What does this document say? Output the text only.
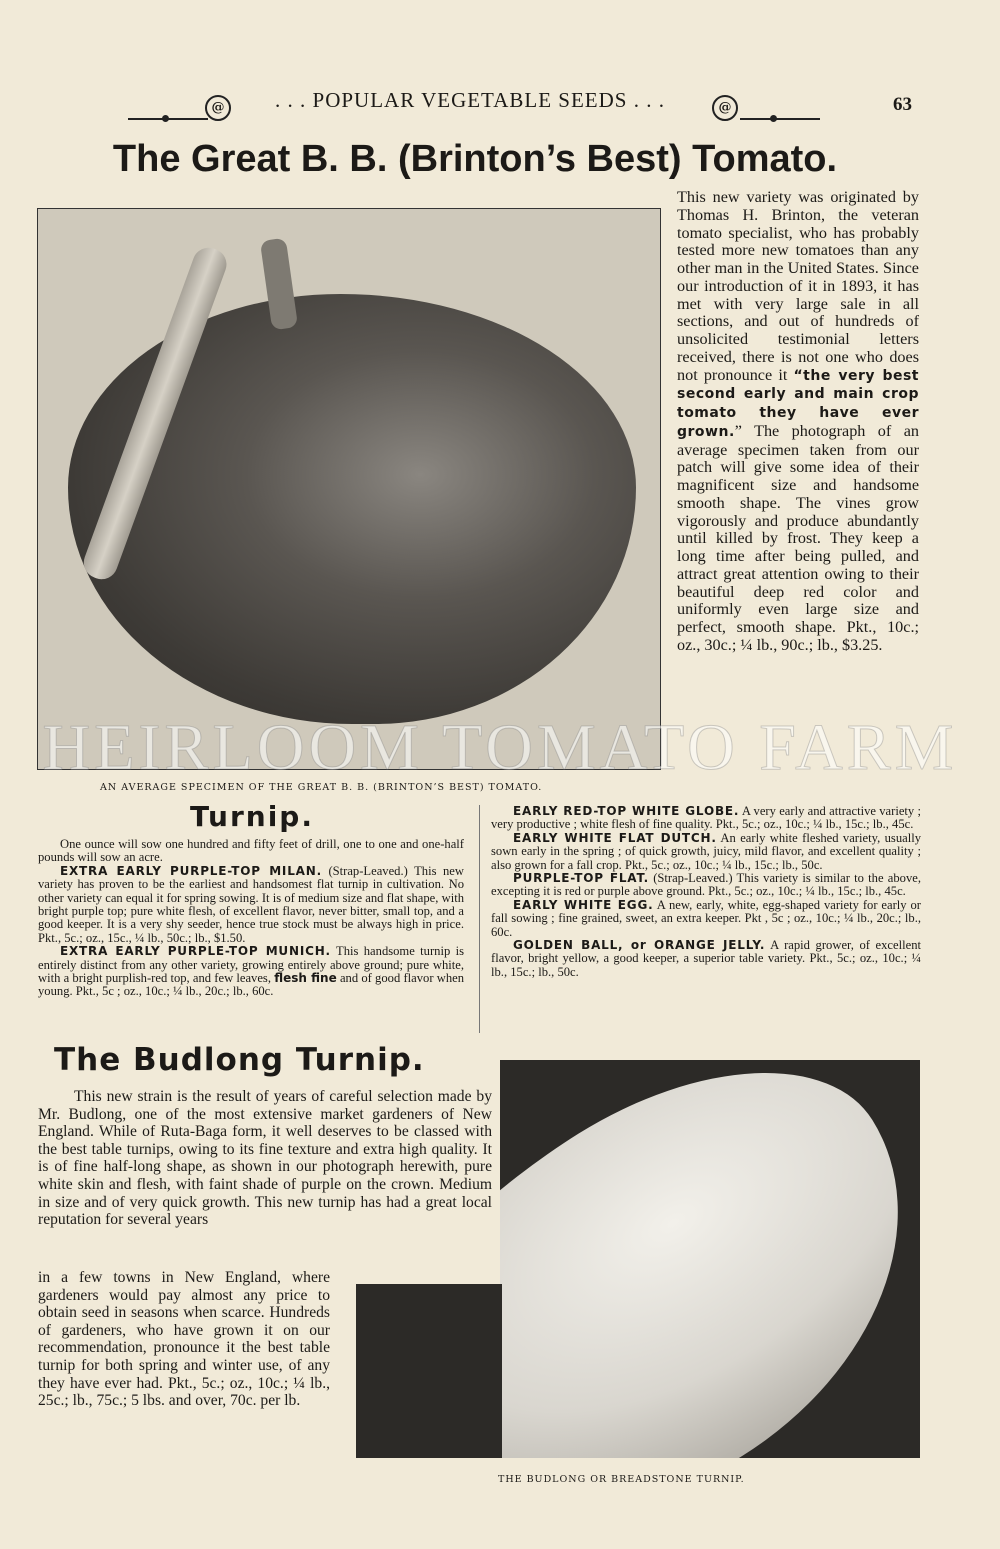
@	. . . POPULAR VEGETABLE SEEDS . . .	@	63
The Great B. B. (Brinton’s Best) Tomato.

This new variety was originated by Thomas H. Brinton, the veteran tomato specialist, who has probably tested more new tomatoes than any other man in the United States. Since our introduction of it in 1893, it has met with very large sale in all sections, and out of hundreds of unsolicited testimonial letters received, there is not one who does not pronounce it “the very best second early and main crop tomato they have ever grown.” The photograph of an average specimen taken from our patch will give some idea of their magnificent size and handsome smooth shape. The vines grow vigorously and produce abundantly until killed by frost. They keep a long time after being pulled, and attract great attention owing to their beautiful deep red color and uniformly even large size and perfect, smooth shape. Pkt., 10c.; oz., 30c.; ¼ lb., 90c.; lb., $3.25.

AN AVERAGE SPECIMEN OF THE GREAT B. B. (BRINTON’S BEST) TOMATO.
HEIRLOOM TOMATO FARM
Turnip.

One ounce will sow one hundred and fifty feet of drill, one to one and one-half pounds will sow an acre.

EXTRA EARLY PURPLE-TOP MILAN. (Strap-Leaved.) This new variety has proven to be the earliest and handsomest flat turnip in cultivation. No other variety can equal it for spring sowing. It is of medium size and flat shape, with bright purple top; pure white flesh, of excellent flavor, never bitter, small top, and a good keeper. It is a very shy seeder, hence true stock must be always high in price. Pkt., 5c.; oz., 15c., ¼ lb., 50c.; lb., $1.50.

EXTRA EARLY PURPLE-TOP MUNICH. This handsome turnip is entirely distinct from any other variety, growing entirely above ground; pure white, with a bright purplish-red top, and few leaves, flesh fine and of good flavor when young. Pkt., 5c ; oz., 10c.; ¼ lb., 20c.; lb., 60c.

EARLY RED-TOP WHITE GLOBE. A very early and attractive variety ; very productive ; white flesh of fine quality. Pkt., 5c.; oz., 10c.; ¼ lb., 15c.; lb., 45c.

EARLY WHITE FLAT DUTCH. An early white fleshed variety, usually sown early in the spring ; of quick growth, juicy, mild flavor, and excellent quality ; also grown for a fall crop. Pkt., 5c.; oz., 10c.; ¼ lb., 15c.; lb., 50c.

PURPLE-TOP FLAT. (Strap-Leaved.) This variety is similar to the above, excepting it is red or purple above ground. Pkt., 5c.; oz., 10c.; ¼ lb., 15c.; lb., 45c.

EARLY WHITE EGG. A new, early, white, egg-shaped variety for early or fall sowing ; fine grained, sweet, an extra keeper. Pkt , 5c ; oz., 10c.; ¼ lb., 20c.; lb., 60c.

GOLDEN BALL, or ORANGE JELLY. A rapid grower, of excellent flavor, bright yellow, a good keeper, a superior table variety. Pkt., 5c.; oz., 10c.; ¼ lb., 15c.; lb., 50c.

The Budlong Turnip.

This new strain is the result of years of careful selection made by Mr. Budlong, one of the most extensive market gardeners of New England. While of Ruta-Baga form, it well deserves to be classed with the best table turnips, owing to its fine texture and extra high quality. It is of fine half-long shape, as shown in our photograph herewith, pure white skin and flesh, with faint shade of purple on the crown. Medium in size and of very quick growth. This new turnip has had a great local reputation for several years

in a few towns in New England, where gardeners would pay almost any price to obtain seed in seasons when scarce. Hundreds of gardeners, who have grown it on our recommendation, pronounce it the best table turnip for both spring and winter use, of any they have ever had. Pkt., 5c.; oz., 10c.; ¼ lb., 25c.; lb., 75c.; 5 lbs. and over, 70c. per lb.

THE BUDLONG OR BREADSTONE TURNIP.
